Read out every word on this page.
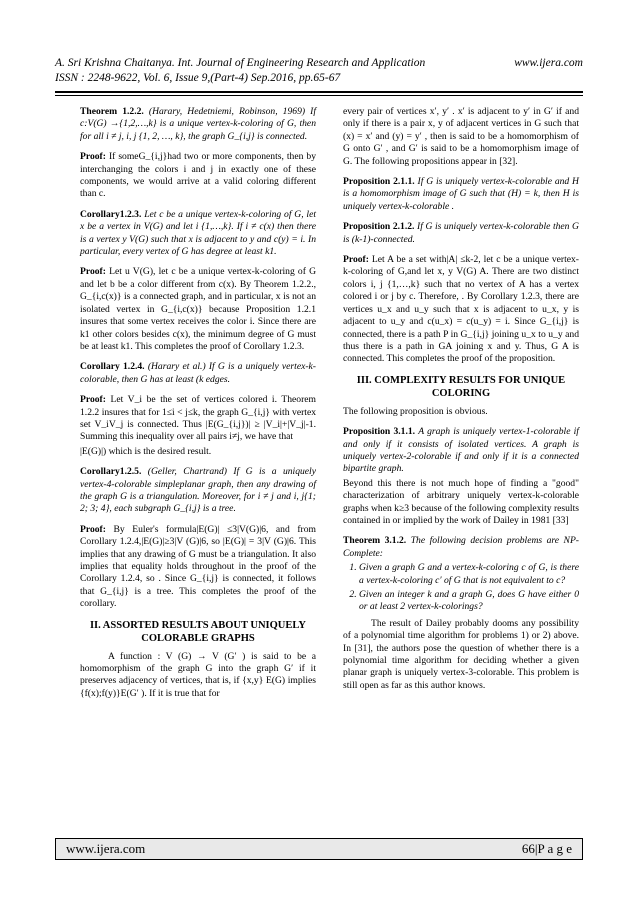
A. Sri Krishna Chaitanya. Int. Journal of Engineering Research and Application	www.ijera.com
ISSN : 2248-9622, Vol. 6, Issue 9,(Part-4) Sep.2016, pp.65-67

Theorem 1.2.2. (Harary, Hedetniemi, Robinson, 1969) If c:V(G) →{1,2,…,k} is a unique vertex-k-coloring of G, then for all i ≠ j, i, j {1, 2, …, k}, the graph G_{i,j} is connected.

Proof: If someG_{i,j}had two or more components, then by interchanging the colors i and j in exactly one of these components, we would arrive at a valid coloring different than c.

Corollary1.2.3. Let c be a unique vertex-k-coloring of G, let x be a vertex in V(G) and let i {1,…,k}. If i ≠ c(x) then there is a vertex y V(G) such that x is adjacent to y and c(y) = i. In particular, every vertex of G has degree at least k1.

Proof: Let u V(G), let c be a unique vertex-k-coloring of G and let b be a color different from c(x). By Theorem 1.2.2., G_{i,c(x)} is a connected graph, and in particular, x is not an isolated vertex in G_{i,c(x)} because Proposition 1.2.1 insures that some vertex receives the color i. Since there are k1 other colors besides c(x), the minimum degree of G must be at least k1. This completes the proof of Corollary 1.2.3.

Corollary 1.2.4. (Harary et al.) If G is a uniquely vertex-k-colorable, then G has at least (k edges.

Proof: Let V_i be the set of vertices colored i. Theorem 1.2.2 insures that for 1≤i < j≤k, the graph G_{i,j} with vertex set V_iV_j is connected. Thus |E(G_{i,j})| ≥ |V_i|+|V_j|-1. Summing this inequality over all pairs i≠j, we have that

|E(G)|) which is the desired result.

Corollary1.2.5. (Geller, Chartrand) If G is a uniquely vertex-4-colorable simpleplanar graph, then any drawing of the graph G is a triangulation. Moreover, for i ≠ j and i, j{1; 2; 3; 4}, each subgraph G_{i,j} is a tree.

Proof: By Euler's formula|E(G)| ≤3|V(G)|6, and from Corollary 1.2.4,|E(G)|≥3|V (G)|6, so |E(G)| = 3|V (G)|6. This implies that any drawing of G must be a triangulation. It also implies that equality holds throughout in the proof of the Corollary 1.2.4, so . Since G_{i,j} is connected, it follows that G_{i,j} is a tree. This completes the proof of the corollary.

II. ASSORTED RESULTS ABOUT UNIQUELY COLORABLE GRAPHS

A function : V (G) → V (G′ ) is said to be a homomorphism of the graph G into the graph G′ if it preserves adjacency of vertices, that is, if {x,y} E(G) implies {f(x);f(y)}E(G′ ). If it is true that for

every pair of vertices x′, y′ . x′ is adjacent to y′ in G′ if and only if there is a pair x, y of adjacent vertices in G such that (x) = x′ and (y) = y′ , then is said to be a homomorphism of G onto G′ , and G′ is said to be a homomorphism image of G. The following propositions appear in [32].

Proposition 2.1.1. If G is uniquely vertex-k-colorable and H is a homomorphism image of G such that (H) = k, then H is uniquely vertex-k-colorable .

Proposition 2.1.2. If G is uniquely vertex-k-colorable then G is (k-1)-connected.

Proof: Let A be a set with|A| ≤k-2, let c be a unique vertex-k-coloring of G,and let x, y V(G) A. There are two distinct colors i, j {1,…,k} such that no vertex of A has a vertex colored i or j by c. Therefore, . By Corollary 1.2.3, there are vertices u_x and u_y such that x is adjacent to u_x, y is adjacent to u_y and c(u_x) = c(u_y) = i. Since G_{i,j} is connected, there is a path P in G_{i,j} joining u_x to u_y and thus there is a path in GA joining x and y. Thus, G A is connected. This completes the proof of the proposition.

III. COMPLEXITY RESULTS FOR UNIQUE COLORING

The following proposition is obvious.

Proposition 3.1.1. A graph is uniquely vertex-1-colorable if and only if it consists of isolated vertices. A graph is uniquely vertex-2-colorable if and only if it is a connected bipartite graph.

Beyond this there is not much hope of finding a "good" characterization of arbitrary uniquely vertex-k-colorable graphs when k≥3 because of the following complexity results contained in or implied by the work of Dailey in 1981 [33]

Theorem 3.1.2. The following decision problems are NP-Complete:

1. Given a graph G and a vertex-k-coloring c of G, is there a vertex-k-coloring c′ of G that is not equivalent to c?
2. Given an integer k and a graph G, does G have either 0 or at least 2 vertex-k-colorings?

The result of Dailey probably dooms any possibility of a polynomial time algorithm for problems 1) or 2) above. In [31], the authors pose the question of whether there is a polynomial time algorithm for deciding whether a given planar graph is uniquely vertex-3-colorable. This problem is still open as far as this author knows.

www.ijera.com	66|P a g e
